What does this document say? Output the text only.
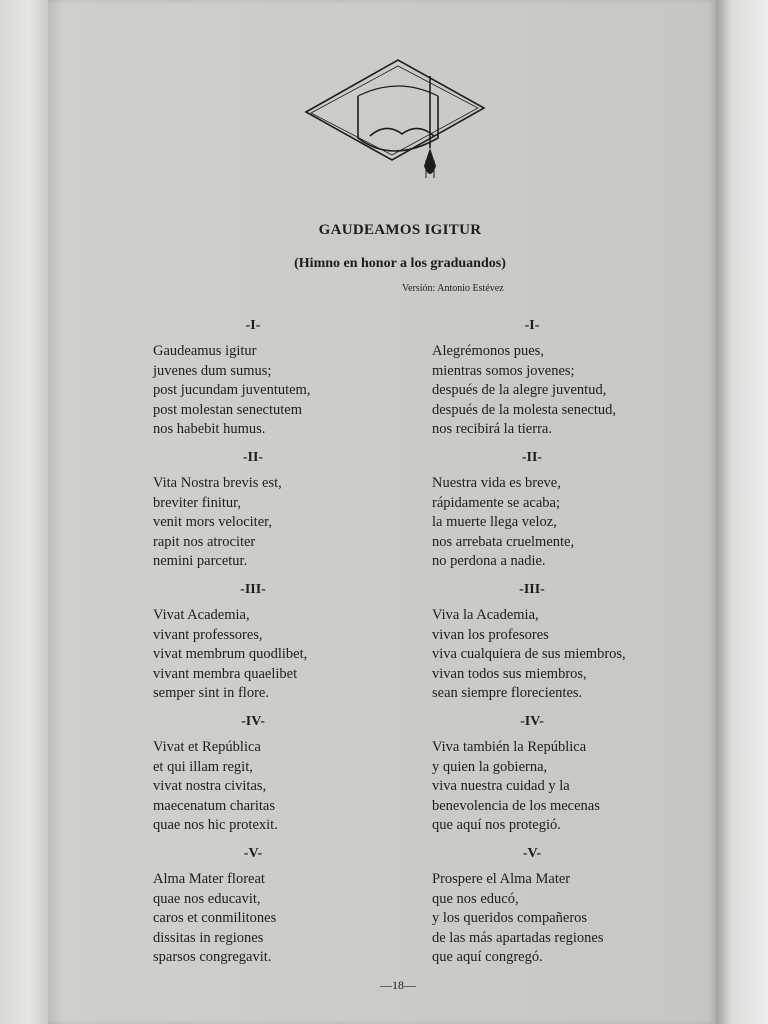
GAUDEAMOS IGITUR
(Himno en honor a los graduandos)
Versión: Antonio Estévez
-I-
Gaudeamus igitur
juvenes dum sumus;
post jucundam juventutem,
post molestan senectutem
nos habebit humus.
-II-
Vita Nostra brevis est,
breviter finitur,
venit mors velociter,
rapit nos atrociter
nemini parcetur.
-III-
Vivat Academia,
vivant professores,
vivat membrum quodlibet,
vivant membra quaelibet
semper sint in flore.
-IV-
Vivat et República
et qui illam regit,
vivat nostra civitas,
maecenatum charitas
quae nos hic protexit.
-V-
Alma Mater floreat
quae nos educavit,
caros et conmilitones
dissitas in regiones
sparsos congregavit.
-I-
Alegrémonos pues,
mientras somos jovenes;
después de la alegre juventud,
después de la molesta senectud,
nos recibirá la tierra.
-II-
Nuestra vida es breve,
rápidamente se acaba;
la muerte llega veloz,
nos arrebata cruelmente,
no perdona a nadie.
-III-
Viva la Academia,
vivan los profesores
viva cualquiera de sus miembros,
vivan todos sus miembros,
sean siempre florecientes.
-IV-
Viva también la República
y quien la gobierna,
viva nuestra cuidad y la
benevolencia de los mecenas
que aquí nos protegió.
-V-
Prospere el Alma Mater
que nos educó,
y los queridos compañeros
de las más apartadas regiones
que aquí congregó.
—18—
